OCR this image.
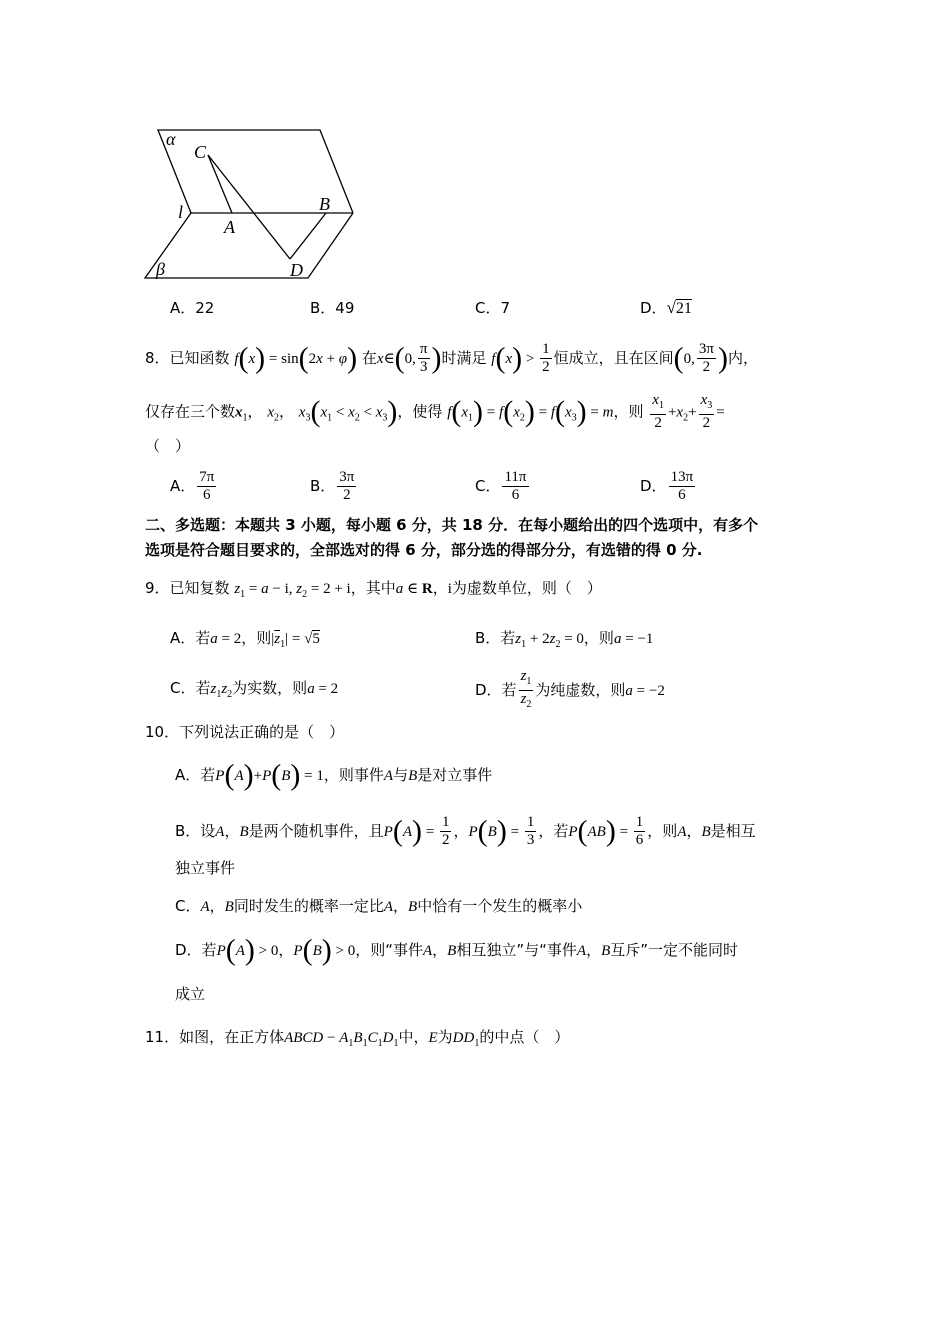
α
C
l
A
B
D
β
A．22	B．49	C．7	D．√21
8．已知函数 f(x) = sin(2x + φ) 在x∈(0, $\frac{\pi}{3}$ )时满足 $f(x) > \frac{1}{2}$ 恒成立，且在区间(0, $\frac{3\pi}{2}$ )内，
仅存在三个数$x_1$， $x_2$， $x_3(x_1 < x_2 < x_3)$，使得 $f(x_1) = f(x_2) = f(x_3) = m$，则 $\frac{x_1}{2} +x_2+ \frac{x_3}{2}$ =
（　）
A． $\frac{7\pi}{6}$	B． $\frac{3\pi}{2}$	C． $\frac{11\pi}{6}$	D． $\frac{13\pi}{6}$
二、多选题：本题共 3 小题，每小题 6 分，共 18 分．在每小题给出的四个选项中，有多个
选项是符合题目要求的，全部选对的得 6 分，部分选的得部分分，有选错的得 0 分.
9．已知复数 $z_1 = a - i$, $z_2 = 2 + i$，其中a ∈ R，i为虚数单位，则（　）
A．若a = 2，则$|\overline{z}_1| = √5$	B．若$z_1 + 2z_2 = 0$，则a = −1
C．若$z_1z_2$为实数，则a = 2	D．若 $\frac{z_1}{z_2}$ 为纯虚数，则a = −2
10．下列说法正确的是（　）
A．若P(A)+P(B) = 1，则事件A与B是对立事件
B．设A，B是两个随机事件，且$P(A) = \frac{1}{2}$ ，$P(B) = \frac{1}{3}$ ，若$P(AB) = \frac{1}{6}$ ，则A，B是相互
独立事件
C．A，B同时发生的概率一定比A，B中恰有一个发生的概率小
D．若P(A) > 0，P(B) > 0，则“事件A，B相互独立”与“事件A，B互斥”一定不能同时
成立
11．如图，在正方体ABCD − $A_1B_1C_1D_1$中，E为$DD_1$的中点（　）
